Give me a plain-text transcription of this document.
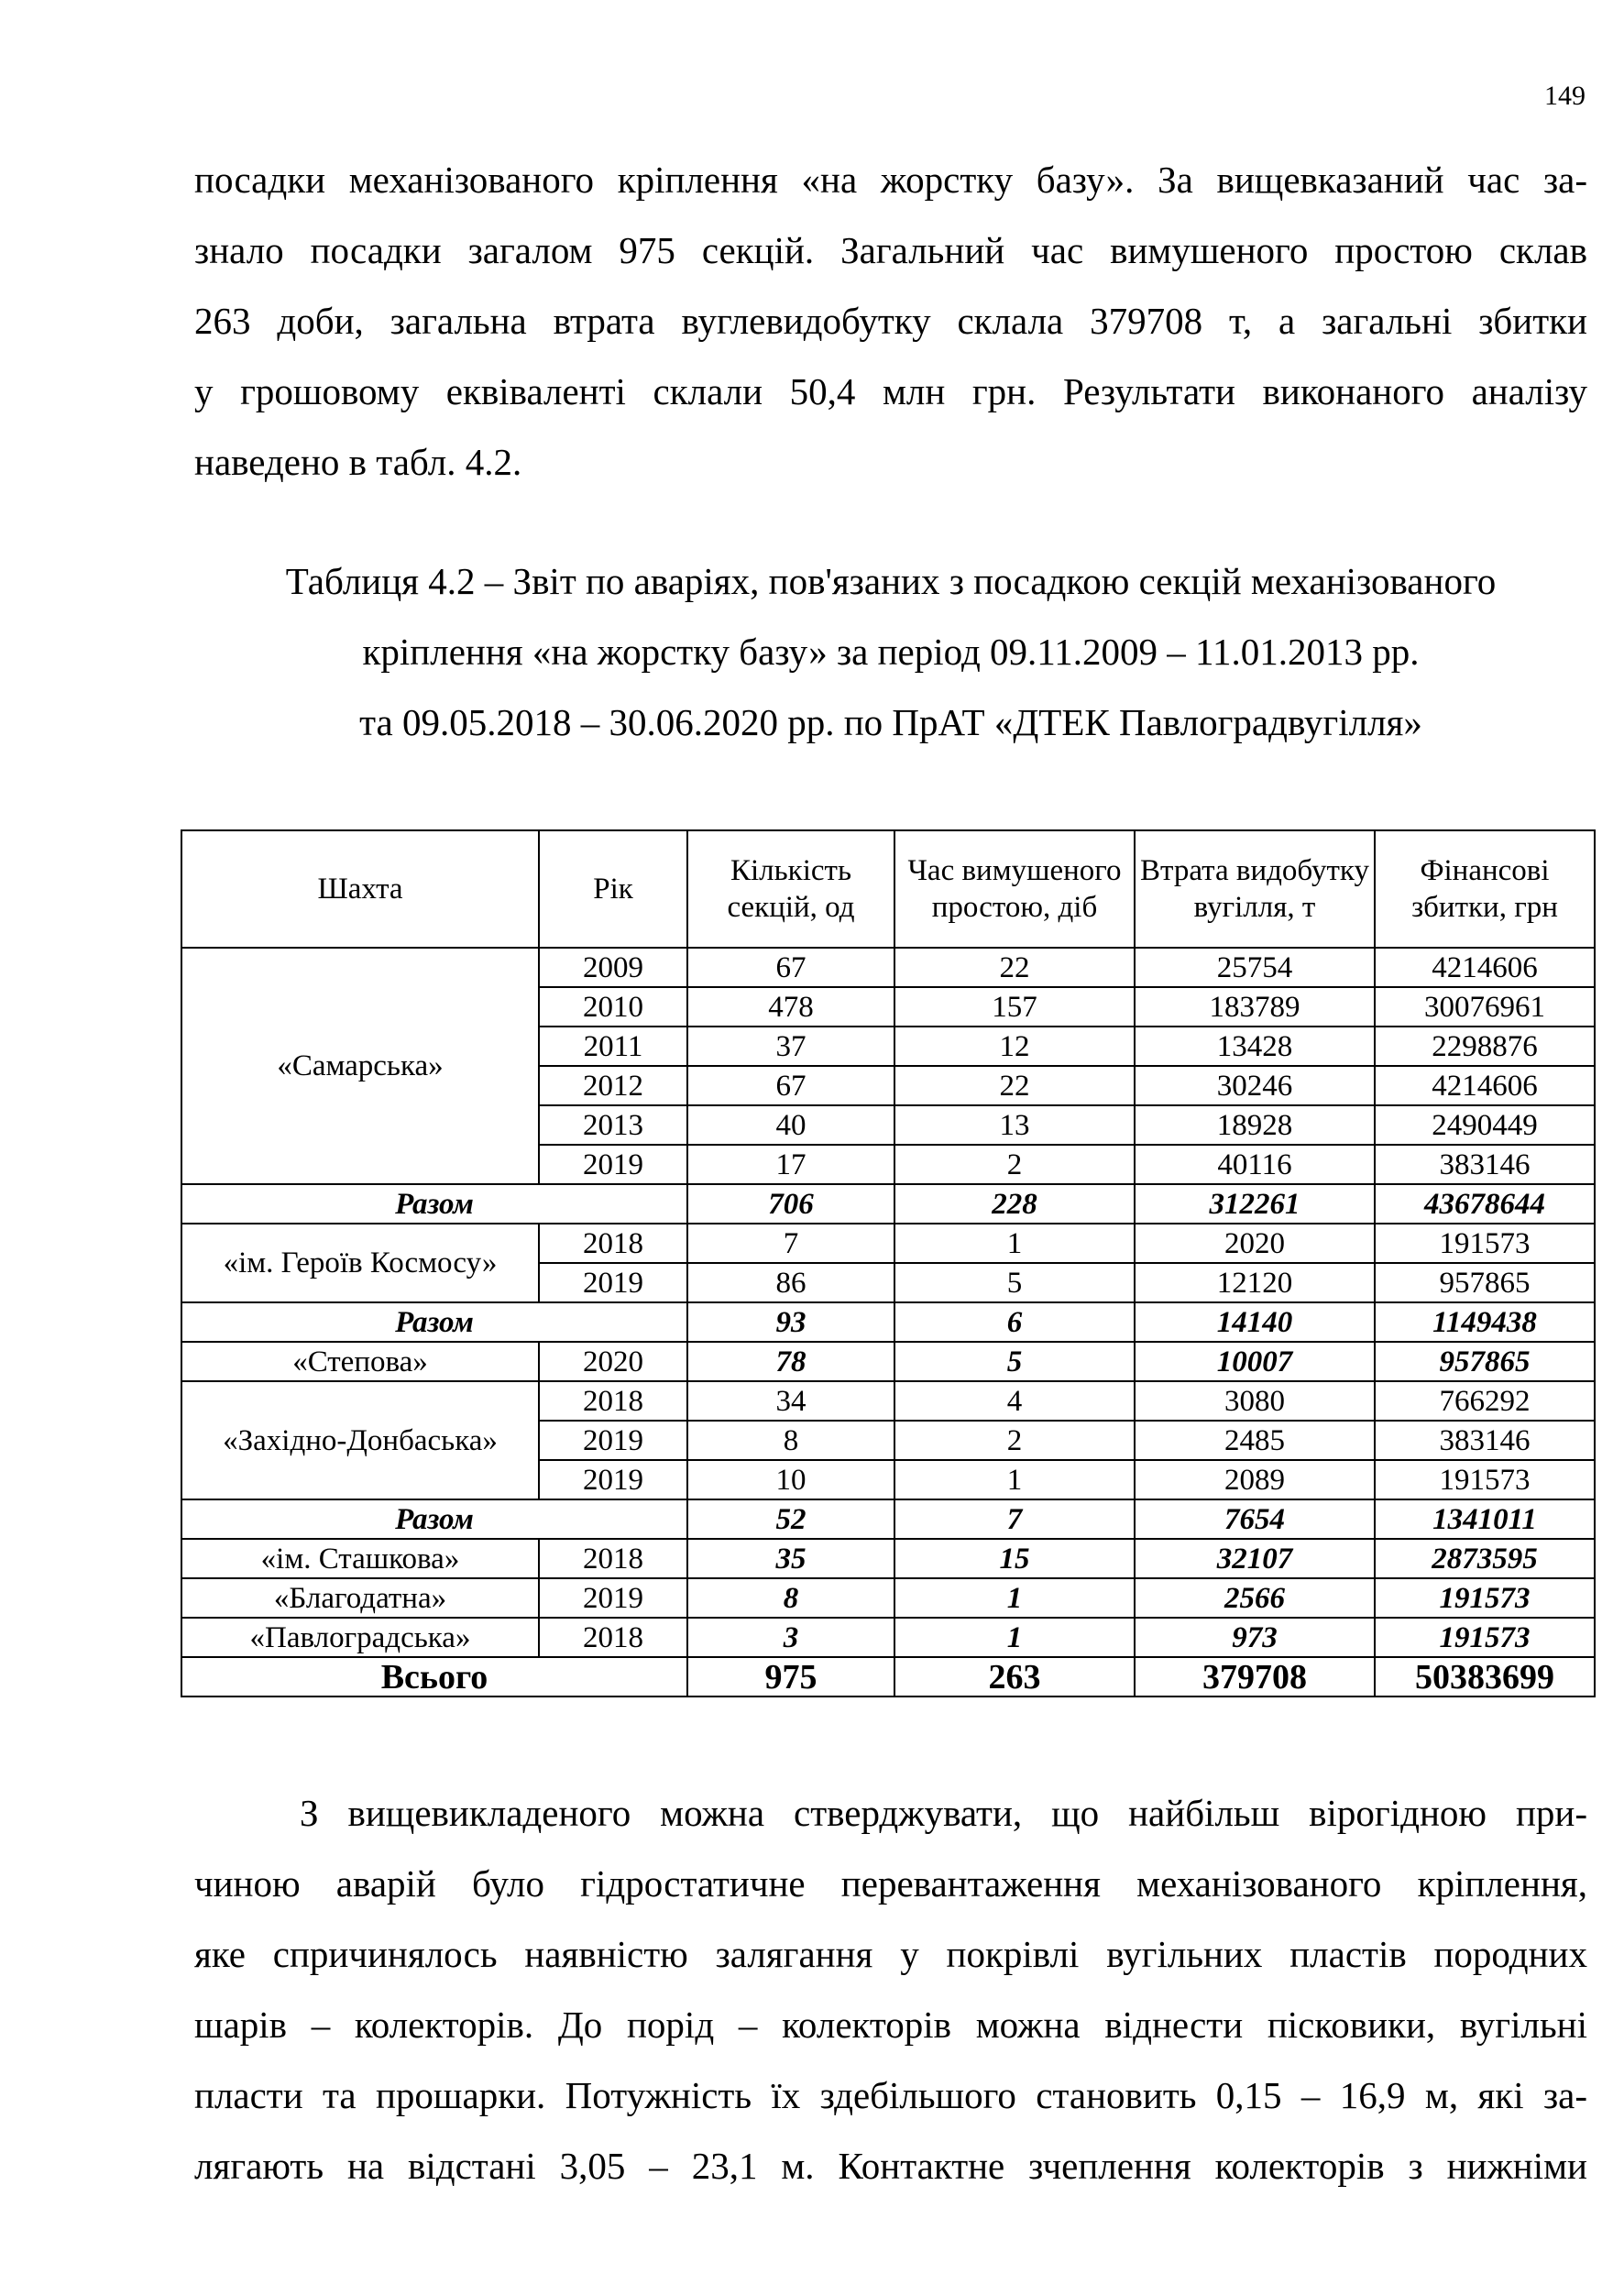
149

посадки механізованого кріплення «на жорстку базу». За вищевказаний час за-
знало посадки загалом 975 секцій. Загальний час вимушеного простою склав
263 доби, загальна втрата вуглевидобутку склала 379708 т, а загальні збитки
у грошовому еквіваленті склали 50,4 млн грн. Результати виконаного аналізу
наведено в табл. 4.2.

Таблиця 4.2 – Звіт по аваріях, пов'язаних з посадкою секцій механізованого
кріплення «на жорстку базу» за період 09.11.2009 – 11.01.2013 рр.
та 09.05.2018 – 30.06.2020 рр. по ПрАТ «ДТЕК Павлоградвугілля»

Шахта	Рік	Кількість секцій, од	Час вимушеного простою, діб	Втрата видобутку вугілля, т	Фінансові збитки, грн
«Самарська»	2009	67	22	25754	4214606
	2010	478	157	183789	30076961
	2011	37	12	13428	2298876
	2012	67	22	30246	4214606
	2013	40	13	18928	2490449
	2019	17	2	40116	383146
Разом		706	228	312261	43678644
«ім. Героїв Космосу»	2018	7	1	2020	191573
	2019	86	5	12120	957865
Разом		93	6	14140	1149438
«Степова»	2020	78	5	10007	957865
«Західно-Донбаська»	2018	34	4	3080	766292
	2019	8	2	2485	383146
	2019	10	1	2089	191573
Разом		52	7	7654	1341011
«ім. Сташкова»	2018	35	15	32107	2873595
«Благодатна»	2019	8	1	2566	191573
«Павлоградська»	2018	3	1	973	191573
Всього		975	263	379708	50383699

З вищевикладеного можна стверджувати, що найбільш вірогідною при-
чиною аварій було гідростатичне перевантаження механізованого кріплення,
яке спричинялось наявністю залягання у покрівлі вугільних пластів породних
шарів – колекторів. До порід – колекторів можна віднести пісковики, вугільні
пласти та прошарки. Потужність їх здебільшого становить 0,15 – 16,9 м, які за-
лягають на відстані 3,05 – 23,1 м. Контактне зчеплення колекторів з нижніми
